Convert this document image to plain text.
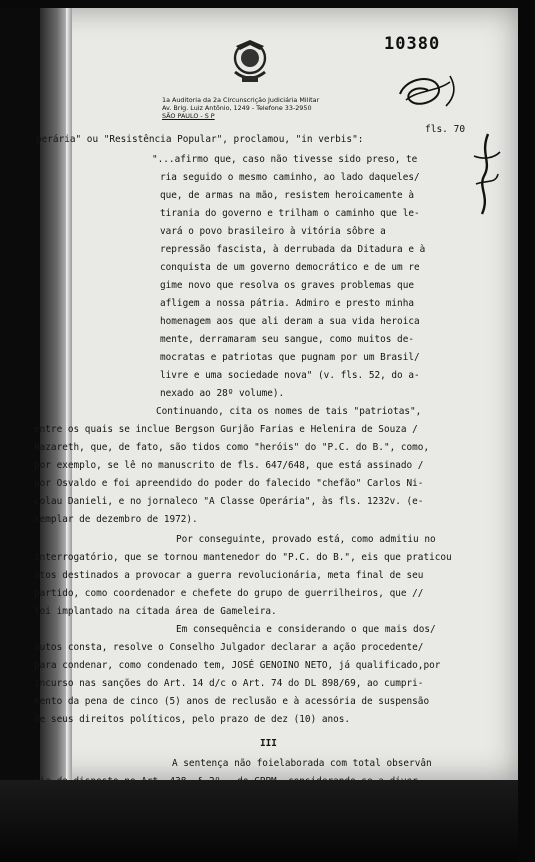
10380
1a Auditoria da 2a Circunscrição Judiciária Militar
Av. Brig. Luiz Antônio, 1249 - Telefone 33-2950
SÃO PAULO - S P
fls. 70
perária" ou "Resistência Popular", proclamou, "in verbis":
"...afirmo que, caso não tivesse sido preso, te
ria seguido o mesmo caminho, ao lado daqueles/
que, de armas na mão, resistem heroicamente à
tirania do governo e trilham o caminho que le-
vará o povo brasileiro à vitória sôbre a
repressão fascista, à derrubada da Ditadura e à
conquista de um governo democrático e de um re
gime novo que resolva os graves problemas que
afligem a nossa pátria. Admiro e presto minha
homenagem aos que ali deram a sua vida heroica
mente, derramaram seu sangue, como muitos de-
mocratas e patriotas que pugnam por um Brasil/
livre e uma sociedade nova" (v. fls. 52, do a-
nexado ao 28º volume).
Continuando, cita os nomes de tais "patriotas",
entre os quais se inclue Bergson Gurjão Farias e Helenira de Souza /
Nazareth, que, de fato, são tidos como "heróis" do "P.C. do B.", como,
por exemplo, se lê no manuscrito de fls. 647/648, que está assinado /
por Osvaldo e foi apreendido do poder do falecido "chefão" Carlos Ni-
colau Danieli, e no jornaleco "A Classe Operária", às fls. 1232v. (e-
xemplar de dezembro de 1972).
Por conseguinte, provado está, como admitiu no
interrogatório, que se tornou mantenedor do "P.C. do B.", eis que praticou
atos destinados a provocar a guerra revolucionária, meta final de seu
partido, como coordenador e chefete do grupo de guerrilheiros, que //
foi implantado na citada área de Gameleira.
Em consequência e considerando o que mais dos/
autos consta, resolve o Conselho Julgador declarar a ação procedente/
para condenar, como condenado tem, JOSÉ GENOINO NETO, já qualificado,por
incurso nas sanções do Art. 14 d/c o Art. 74 do DL 898/69, ao cumpri-
mento da pena de cinco (5) anos de reclusão e à acessória de suspensão
de seus direitos políticos, pelo prazo de dez (10) anos.
III
A sentença não foielaborada com total observân
